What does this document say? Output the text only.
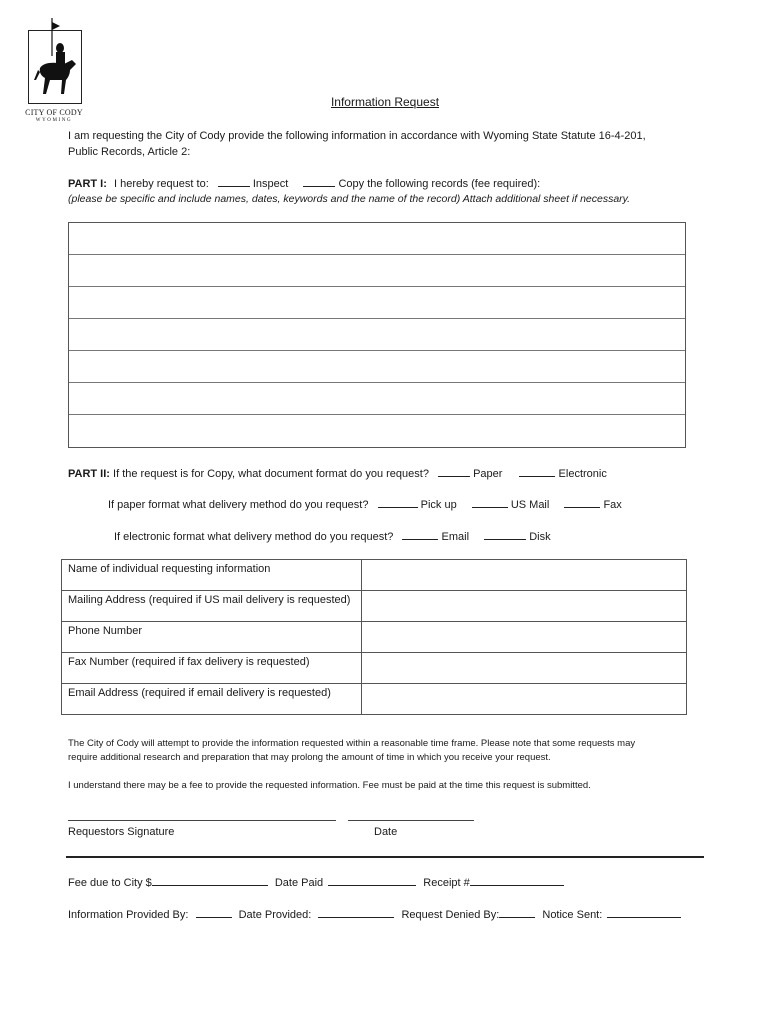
CITY OF CODY
WYOMING
Information Request
I am requesting the City of Cody provide the following information in accordance with Wyoming State Statute 16-4-201,
Public Records, Article 2:
PART I: I hereby request to:	Inspect	Copy the following records (fee required):
(please be specific and include names, dates, keywords and the name of the record) Attach additional sheet if necessary.
PART II: If the request is for Copy, what document format do you request?	Paper	Electronic
If paper format what delivery method do you request?	Pick up	US Mail	Fax
If electronic format what delivery method do you request?	Email	Disk
Name of individual requesting information	
Mailing Address (required if US mail delivery is requested)	
Phone Number	
Fax Number (required if fax delivery is requested)	
Email Address (required if email delivery is requested)	
The City of Cody will attempt to provide the information requested within a reasonable time frame. Please note that some requests may
require additional research and preparation that may prolong the amount of time in which you receive your request.
I understand there may be a fee to provide the requested information. Fee must be paid at the time this request is submitted.
Requestors Signature	Date
Fee due to City $	Date Paid	Receipt #
Information Provided By:	Date Provided:	Request Denied By:	Notice Sent:
